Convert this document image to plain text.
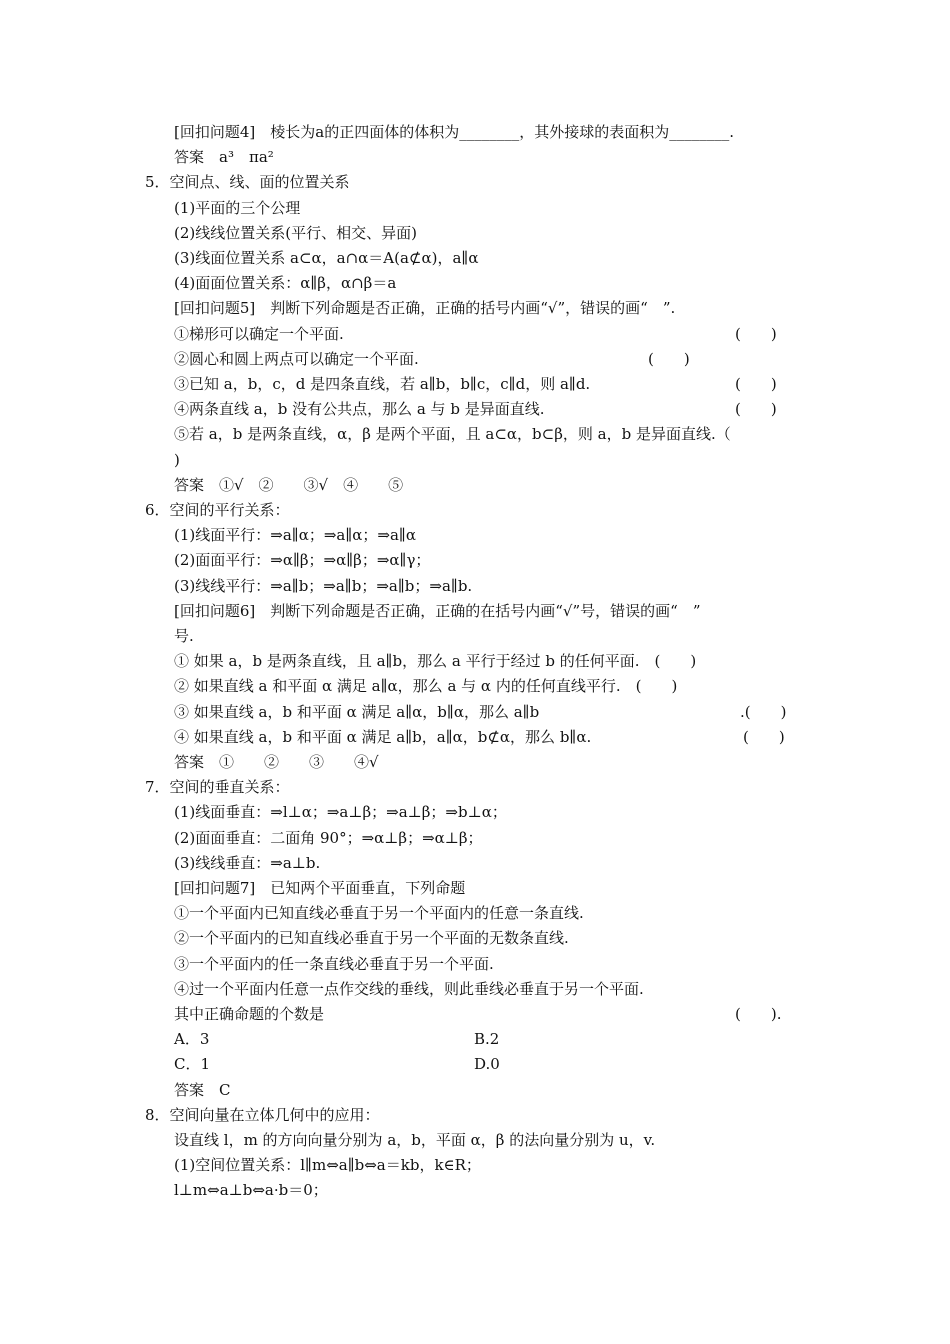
[回扣问题4]　棱长为a的正四面体的体积为________，其外接球的表面积为________.
答案　a³　πa²
5．空间点、线、面的位置关系
(1)平面的三个公理
(2)线线位置关系(平行、相交、异面)
(3)线面位置关系 a⊂α，a∩α＝A(a⊄α)，a∥α
(4)面面位置关系：α∥β，α∩β＝a
[回扣问题5]　判断下列命题是否正确，正确的括号内画“√”，错误的画“　”.
①梯形可以确定一个平面.	(　　)
②圆心和圆上两点可以确定一个平面.	(　　)
③已知 a，b，c，d 是四条直线，若 a∥b，b∥c，c∥d，则 a∥d.	(　　)
④两条直线 a，b 没有公共点，那么 a 与 b 是异面直线.	(　　)
⑤若 a，b 是两条直线，α，β 是两个平面，且 a⊂α，b⊂β，则 a，b 是异面直线.（
)
答案　①√　②　　③√　④　　⑤
6．空间的平行关系：
(1)线面平行：⇒a∥α；⇒a∥α；⇒a∥α
(2)面面平行：⇒α∥β；⇒α∥β；⇒α∥γ；
(3)线线平行：⇒a∥b；⇒a∥b；⇒a∥b；⇒a∥b.
[回扣问题6]　判断下列命题是否正确，正确的在括号内画“√”号，错误的画“　”
号.
① 如果 a，b 是两条直线，且 a∥b，那么 a 平行于经过 b 的任何平面.　(　　)
② 如果直线 a 和平面 α 满足 a∥α，那么 a 与 α 内的任何直线平行.　(　　)
③ 如果直线 a，b 和平面 α 满足 a∥α，b∥α，那么 a∥b	.(　　)
④ 如果直线 a，b 和平面 α 满足 a∥b，a∥α，b⊄α，那么 b∥α.	(　　)
答案　①　　②　　③　　④√
7．空间的垂直关系：
(1)线面垂直：⇒l⊥α；⇒a⊥β；⇒a⊥β；⇒b⊥α；
(2)面面垂直：二面角 90°；⇒α⊥β；⇒α⊥β；
(3)线线垂直：⇒a⊥b.
[回扣问题7]　已知两个平面垂直，下列命题
①一个平面内已知直线必垂直于另一个平面内的任意一条直线.
②一个平面内的已知直线必垂直于另一个平面的无数条直线.
③一个平面内的任一条直线必垂直于另一个平面.
④过一个平面内任意一点作交线的垂线，则此垂线必垂直于另一个平面.
其中正确命题的个数是	(　　).
A．3	B.2
C．1	D.0
答案　C
8．空间向量在立体几何中的应用：
设直线 l，m 的方向向量分别为 a，b，平面 α，β 的法向量分别为 u，v.
(1)空间位置关系：l∥m⇔a∥b⇔a＝kb，k∈R；
l⊥m⇔a⊥b⇔a·b＝0；
